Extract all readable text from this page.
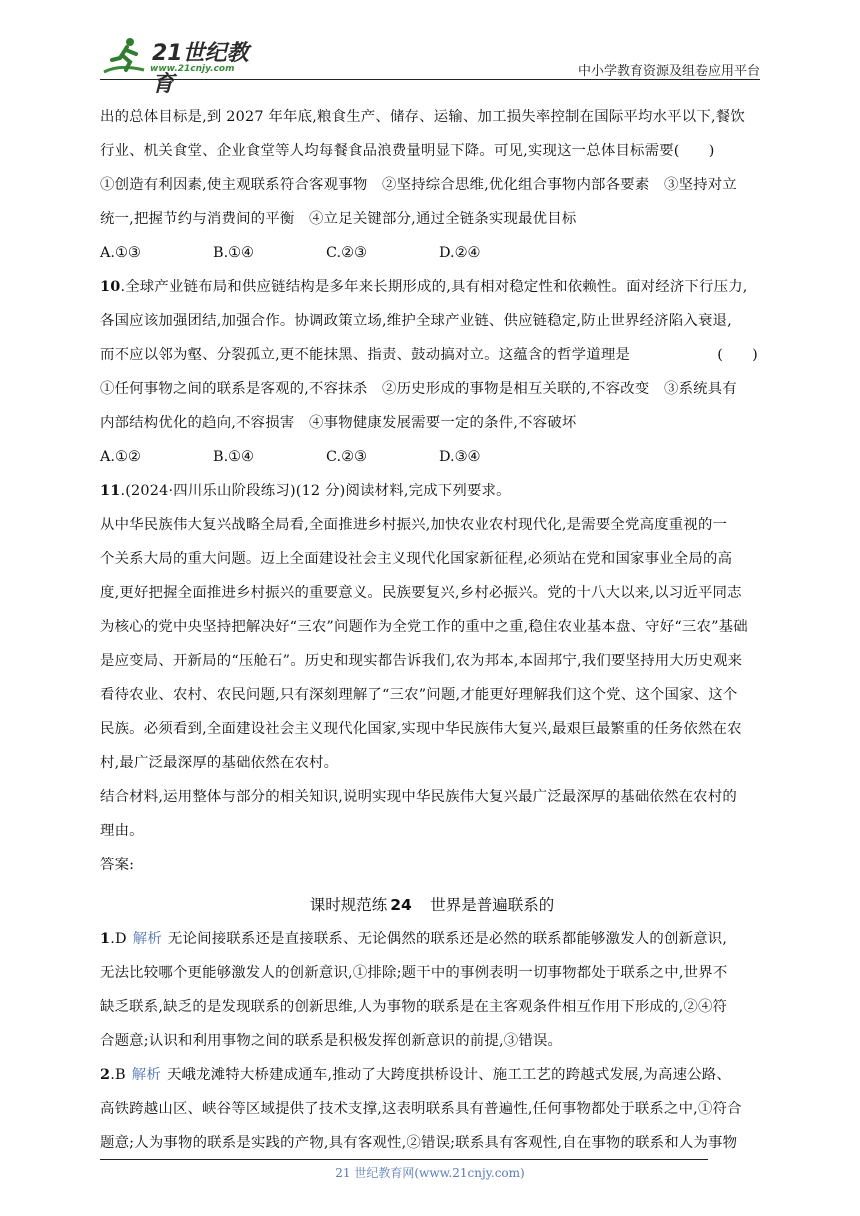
21世纪教育
www.21cnjy.com	中小学教育资源及组卷应用平台

出的总体目标是,到 2027 年年底,粮食生产、储存、运输、加工损失率控制在国际平均水平以下,餐饮

行业、机关食堂、企业食堂等人均每餐食品浪费量明显下降。可见,实现这一总体目标需要(　　)

①创造有利因素,使主观联系符合客观事物　②坚持综合思维,优化组合事物内部各要素　③坚持对立

统一,把握节约与消费间的平衡　④立足关键部分,通过全链条实现最优目标

A.①③	B.①④	C.②③	D.②④

10.全球产业链布局和供应链结构是多年来长期形成的,具有相对稳定性和依赖性。面对经济下行压力,

各国应该加强团结,加强合作。协调政策立场,维护全球产业链、供应链稳定,防止世界经济陷入衰退,

而不应以邻为壑、分裂孤立,更不能抹黑、指责、鼓动搞对立。这蕴含的哲学道理是	(　　)

①任何事物之间的联系是客观的,不容抹杀　②历史形成的事物是相互关联的,不容改变　③系统具有

内部结构优化的趋向,不容损害　④事物健康发展需要一定的条件,不容破坏

A.①②	B.①④	C.②③	D.③④

11.(2024·四川乐山阶段练习)(12 分)阅读材料,完成下列要求。

从中华民族伟大复兴战略全局看,全面推进乡村振兴,加快农业农村现代化,是需要全党高度重视的一

个关系大局的重大问题。迈上全面建设社会主义现代化国家新征程,必须站在党和国家事业全局的高

度,更好把握全面推进乡村振兴的重要意义。民族要复兴,乡村必振兴。党的十八大以来,以习近平同志

为核心的党中央坚持把解决好“三农”问题作为全党工作的重中之重,稳住农业基本盘、守好“三农”基础

是应变局、开新局的“压舱石”。历史和现实都告诉我们,农为邦本,本固邦宁,我们要坚持用大历史观来

看待农业、农村、农民问题,只有深刻理解了“三农”问题,才能更好理解我们这个党、这个国家、这个

民族。必须看到,全面建设社会主义现代化国家,实现中华民族伟大复兴,最艰巨最繁重的任务依然在农

村,最广泛最深厚的基础依然在农村。

结合材料,运用整体与部分的相关知识,说明实现中华民族伟大复兴最广泛最深厚的基础依然在农村的

理由。

答案:

课时规范练 24　 世界是普遍联系的

1.D 解析 无论间接联系还是直接联系、无论偶然的联系还是必然的联系都能够激发人的创新意识,

无法比较哪个更能够激发人的创新意识,①排除;题干中的事例表明一切事物都处于联系之中,世界不

缺乏联系,缺乏的是发现联系的创新思维,人为事物的联系是在主客观条件相互作用下形成的,②④符

合题意;认识和利用事物之间的联系是积极发挥创新意识的前提,③错误。

2.B 解析 天峨龙滩特大桥建成通车,推动了大跨度拱桥设计、施工工艺的跨越式发展,为高速公路、

高铁跨越山区、峡谷等区域提供了技术支撑,这表明联系具有普遍性,任何事物都处于联系之中,①符合

题意;人为事物的联系是实践的产物,具有客观性,②错误;联系具有客观性,自在事物的联系和人为事物

21 世纪教育网(www.21cnjy.com)
